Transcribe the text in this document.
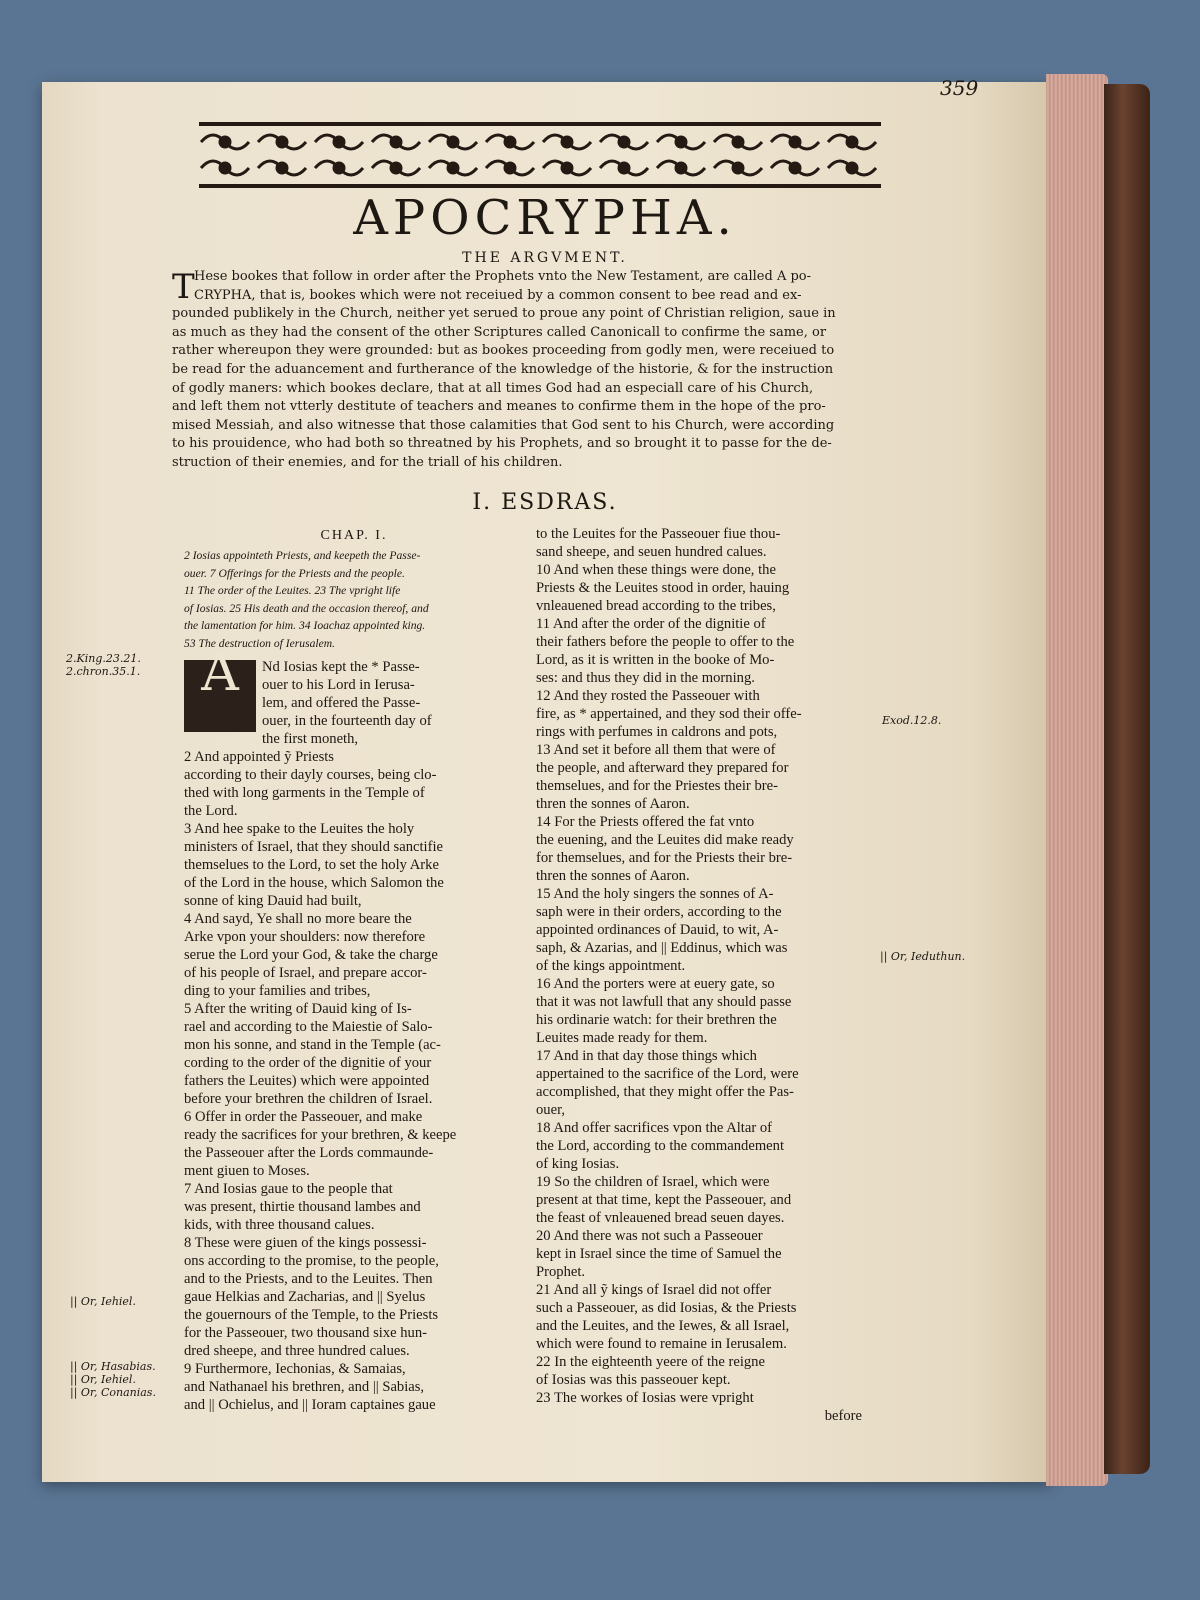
359
APOCRYPHA.
THE ARGVMENT.
T Hese bookes that follow in order after the Prophets vnto the New Testament, are called A po-
CRYPHA, that is, bookes which were not receiued by a common consent to bee read and ex-
pounded publikely in the Church, neither yet serued to proue any point of Christian religion, saue in
as much as they had the consent of the other Scriptures called Canonicall to confirme the same, or
rather whereupon they were grounded: but as bookes proceeding from godly men, were receiued to
be read for the aduancement and furtherance of the knowledge of the historie, & for the instruction
of godly maners: which bookes declare, that at all times God had an especiall care of his Church,
and left them not vtterly destitute of teachers and meanes to confirme them in the hope of the pro-
mised Messiah, and also witnesse that those calamities that God sent to his Church, were according
to his prouidence, who had both so threatned by his Prophets, and so brought it to passe for the de-
struction of their enemies, and for the triall of his children.
I. ESDRAS.
CHAP. I.
2 Iosias appointeth Priests, and keepeth the Passe-
ouer. 7 Offerings for the Priests and the people.
11 The order of the Leuites. 23 The vpright life
of Iosias. 25 His death and the occasion thereof, and
the lamentation for him. 34 Ioachaz appointed king.
53 The destruction of Ierusalem.
A	Nd Iosias kept the * Passe-
ouer to his Lord in Ierusa-
lem, and offered the Passe-
ouer, in the fourteenth day of
the first moneth,
2 And appointed ỹ Priests
according to their dayly courses, being clo-
thed with long garments in the Temple of
the Lord.
3 And hee spake to the Leuites the holy
ministers of Israel, that they should sanctifie
themselues to the Lord, to set the holy Arke
of the Lord in the house, which Salomon the
sonne of king Dauid had built,
4 And sayd, Ye shall no more beare the
Arke vpon your shoulders: now therefore
serue the Lord your God, & take the charge
of his people of Israel, and prepare accor-
ding to your families and tribes,
5 After the writing of Dauid king of Is-
rael and according to the Maiestie of Salo-
mon his sonne, and stand in the Temple (ac-
cording to the order of the dignitie of your
fathers the Leuites) which were appointed
before your brethren the children of Israel.
6 Offer in order the Passeouer, and make
ready the sacrifices for your brethren, & keepe
the Passeouer after the Lords commaunde-
ment giuen to Moses.
7 And Iosias gaue to the people that
was present, thirtie thousand lambes and
kids, with three thousand calues.
8 These were giuen of the kings possessi-
ons according to the promise, to the people,
and to the Priests, and to the Leuites. Then
gaue Helkias and Zacharias, and || Syelus
the gouernours of the Temple, to the Priests
for the Passeouer, two thousand sixe hun-
dred sheepe, and three hundred calues.
9 Furthermore, Iechonias, & Samaias,
and Nathanael his brethren, and || Sabias,
and || Ochielus, and || Ioram captaines gaue
to the Leuites for the Passeouer fiue thou-
sand sheepe, and seuen hundred calues.
10 And when these things were done, the
Priests & the Leuites stood in order, hauing
vnleauened bread according to the tribes,
11 And after the order of the dignitie of
their fathers before the people to offer to the
Lord, as it is written in the booke of Mo-
ses: and thus they did in the morning.
12 And they rosted the Passeouer with
fire, as * appertained, and they sod their offe-
rings with perfumes in caldrons and pots,
13 And set it before all them that were of
the people, and afterward they prepared for
themselues, and for the Priestes their bre-
thren the sonnes of Aaron.
14 For the Priests offered the fat vnto
the euening, and the Leuites did make ready
for themselues, and for the Priests their bre-
thren the sonnes of Aaron.
15 And the holy singers the sonnes of A-
saph were in their orders, according to the
appointed ordinances of Dauid, to wit, A-
saph, & Azarias, and || Eddinus, which was
of the kings appointment.
16 And the porters were at euery gate, so
that it was not lawfull that any should passe
his ordinarie watch: for their brethren the
Leuites made ready for them.
17 And in that day those things which
appertained to the sacrifice of the Lord, were
accomplished, that they might offer the Pas-
ouer,
18 And offer sacrifices vpon the Altar of
the Lord, according to the commandement
of king Iosias.
19 So the children of Israel, which were
present at that time, kept the Passeouer, and
the feast of vnleauened bread seuen dayes.
20 And there was not such a Passeouer
kept in Israel since the time of Samuel the
Prophet.
21 And all ỹ kings of Israel did not offer
such a Passeouer, as did Iosias, & the Priests
and the Leuites, and the Iewes, & all Israel,
which were found to remaine in Ierusalem.
22 In the eighteenth yeere of the reigne
of Iosias was this passeouer kept.
23 The workes of Iosias were vpright
before
2.King.23.21.
2.chron.35.1.
Exod.12.8.
|| Or, Ieduthun.
|| Or, Iehiel.
|| Or, Hasabias.
|| Or, Iehiel.
|| Or, Conanias.
